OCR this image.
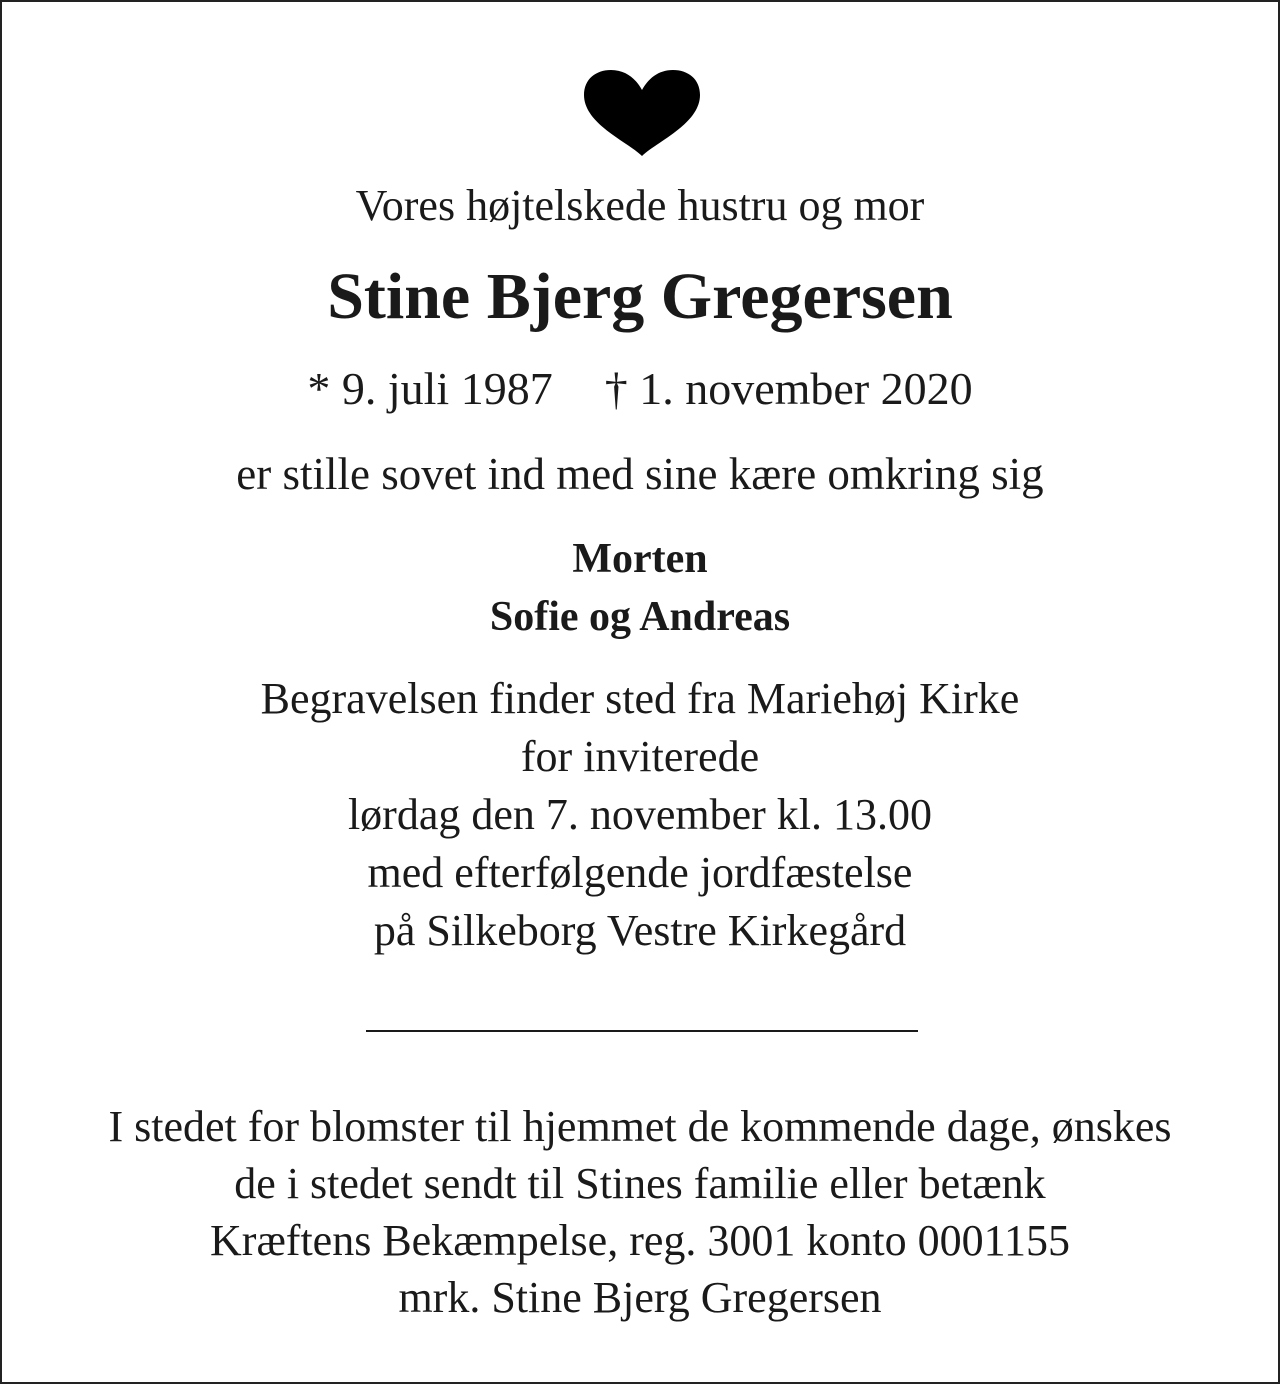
Vores højtelskede hustru og mor
Stine Bjerg Gregersen
* 9. juli 1987 † 1. november 2020
er stille sovet ind med sine kære omkring sig
Morten
Sofie og Andreas
Begravelsen finder sted fra Mariehøj Kirke
for inviterede
lørdag den 7. november kl. 13.00
med efterfølgende jordfæstelse
på Silkeborg Vestre Kirkegård
I stedet for blomster til hjemmet de kommende dage, ønskes
de i stedet sendt til Stines familie eller betænk
Kræftens Bekæmpelse, reg. 3001 konto 0001155
mrk. Stine Bjerg Gregersen
